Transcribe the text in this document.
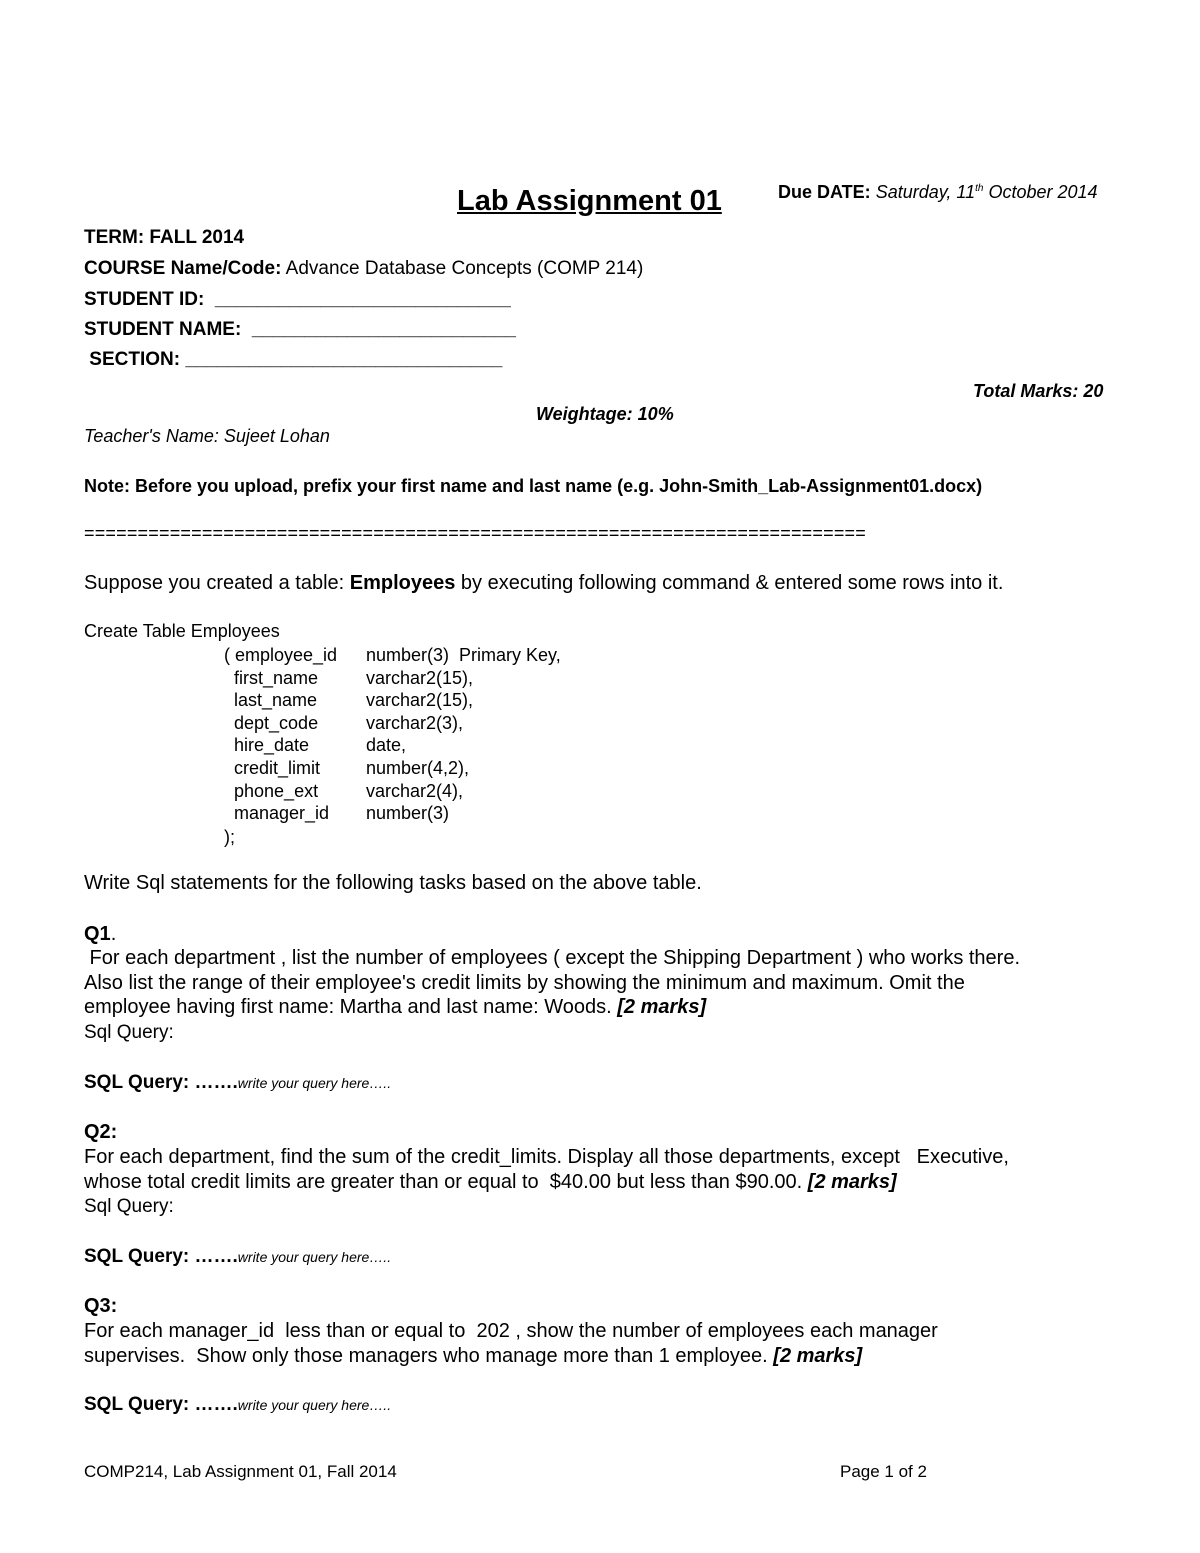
Due DATE: Saturday, 11th October 2014

Lab Assignment 01
TERM: FALL 2014
COURSE Name/Code: Advance Database Concepts (COMP 214)
STUDENT ID:  ____________________________
STUDENT NAME:  _________________________
SECTION: ______________________________
Total Marks: 20
Weightage: 10%
Teacher's Name: Sujeet Lohan
Note: Before you upload, prefix your first name and last name (e.g. John-Smith_Lab-Assignment01.docx)
=========================================================================
Suppose you created a table: Employees by executing following command & entered some rows into it.
Create Table Employees
( employee_id number(3)  Primary Key,
first_name	varchar2(15),
last_name	varchar2(15),
dept_code	varchar2(3),
hire_date	date,
credit_limit	number(4,2),
phone_ext	varchar2(4),
manager_id number(3)
);
Write Sql statements for the following tasks based on the above table.
Q1.
For each department , list the number of employees ( except the Shipping Department ) who works there.
Also list the range of their employee's credit limits by showing the minimum and maximum. Omit the
employee having first name: Martha and last name: Woods. [2 marks]
Sql Query:
SQL Query: …….write your query here…..
Q2:
For each department, find the sum of the credit_limits. Display all those departments, except   Executive,
whose total credit limits are greater than or equal to  $40.00 but less than $90.00. [2 marks]
Sql Query:
SQL Query: …….write your query here…..
Q3:
For each manager_id  less than or equal to  202 , show the number of employees each manager
supervises.  Show only those managers who manage more than 1 employee. [2 marks]
SQL Query: …….write your query here…..
COMP214, Lab Assignment 01, Fall 2014	Page 1 of 2
